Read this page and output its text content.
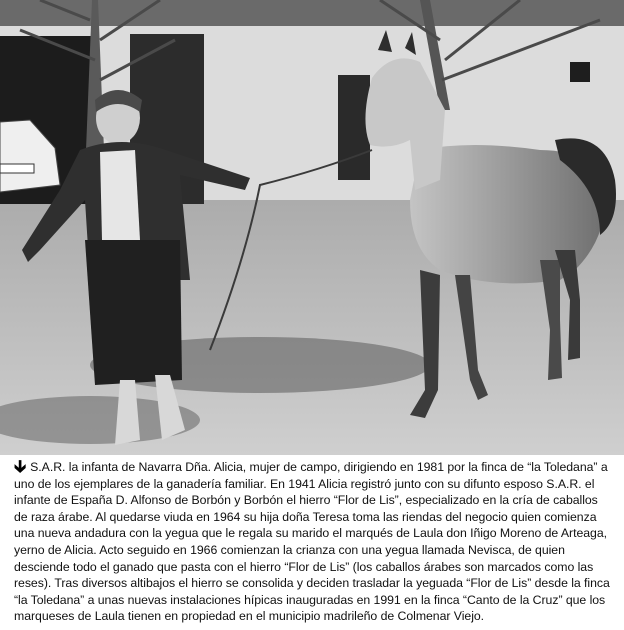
🡳 S.A.R. la infanta de Navarra Dña. Alicia, mujer de campo, dirigiendo en 1981 por la finca de “la Toledana” a uno de los ejemplares de la ganadería familiar. En 1941 Alicia registró junto con su difunto esposo S.A.R. el infante de España D. Alfonso de Borbón y Borbón el hierro “Flor de Lis”, especializado en la cría de caballos de raza árabe. Al quedarse viuda en 1964 su hija doña Teresa toma las riendas del negocio quien comienza una nueva andadura con la yegua que le regala su marido el marqués de Laula don Iñigo Moreno de Arteaga, yerno de Alicia. Acto seguido en 1966 comienzan la crianza con una yegua llamada Nevisca, de quien desciende todo el ganado que pasta con el hierro “Flor de Lis” (los caballos árabes son marcados como las reses). Tras diversos altibajos el hierro se consolida y deciden trasladar la yeguada “Flor de Lis” desde la finca “la Toledana” a unas nuevas instalaciones hípicas inauguradas en 1991 en la finca “Canto de la Cruz” que los marqueses de Laula tienen en propiedad en el municipio madrileño de Colmenar Viejo.
